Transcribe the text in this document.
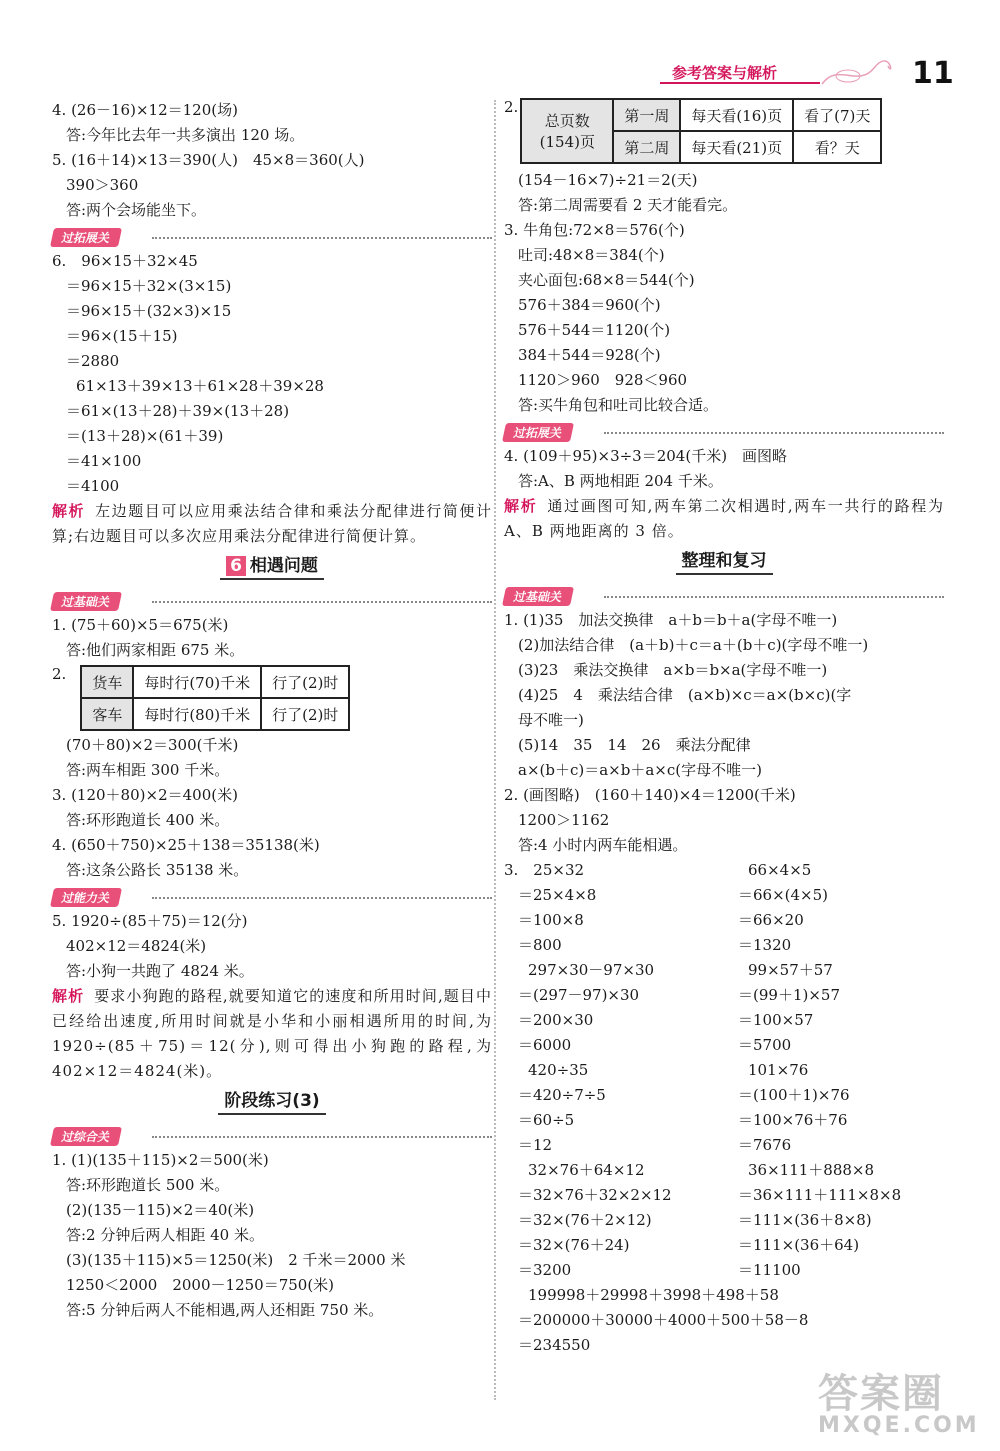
参考答案与解析	11
4. (26－16)×12＝120(场)
答:今年比去年一共多演出 120 场。
5. (16＋14)×13＝390(人)　45×8＝360(人)
390＞360
答:两个会场能坐下。
过拓展关
6.　96×15＋32×45
＝96×15＋32×(3×15)
＝96×15＋(32×3)×15
＝96×(15＋15)
＝2880
61×13＋39×13＋61×28＋39×28
＝61×(13＋28)＋39×(13＋28)
＝(13＋28)×(61＋39)
＝41×100
＝4100
解析 左边题目可以应用乘法结合律和乘法分配律进行简便计算;右边题目可以多次应用乘法分配律进行简便计算。
6 相遇问题
过基础关
1. (75＋60)×5＝675(米)
答:他们两家相距 675 米。
2. 货车	每时行(70)千米	行了(2)时
客车	每时行(80)千米	行了(2)时
(70＋80)×2＝300(千米)
答:两车相距 300 千米。
3. (120＋80)×2＝400(米)
答:环形跑道长 400 米。
4. (650＋750)×25＋138＝35138(米)
答:这条公路长 35138 米。
过能力关
5. 1920÷(85＋75)＝12(分)
402×12＝4824(米)
答:小狗一共跑了 4824 米。
解析 要求小狗跑的路程,就要知道它的速度和所用时间,题目中已经给出速度,所用时间就是小华和小丽相遇所用的时间,为 1920÷(85＋75)＝12(分),则可得出小狗跑的路程,为 402×12＝4824(米)。
阶段练习(3)
过综合关
1. (1)(135＋115)×2＝500(米)
答:环形跑道长 500 米。
(2)(135－115)×2＝40(米)
答:2 分钟后两人相距 40 米。
(3)(135＋115)×5＝1250(米)　2 千米＝2000 米
1250＜2000　2000－1250＝750(米)
答:5 分钟后两人不能相遇,两人还相距 750 米。
2.
总页数(154)页	第一周	每天看(16)页	看了(7)天
	第二周	每天看(21)页	看？天
(154－16×7)÷21＝2(天)
答:第二周需要看 2 天才能看完。
3. 牛角包:72×8＝576(个)
吐司:48×8＝384(个)
夹心面包:68×8＝544(个)
576＋384＝960(个)
576＋544＝1120(个)
384＋544＝928(个)
1120＞960　928＜960
答:买牛角包和吐司比较合适。
过拓展关
4. (109＋95)×3÷3＝204(千米)　画图略
答:A、B 两地相距 204 千米。
解析 通过画图可知,两车第二次相遇时,两车一共行的路程为 A、B 两地距离的 3 倍。
整理和复习
过基础关
1. (1)35　加法交换律　a＋b＝b＋a(字母不唯一)
(2)加法结合律　(a＋b)＋c＝a＋(b＋c)(字母不唯一)
(3)23　乘法交换律　a×b＝b×a(字母不唯一)
(4)25　4　乘法结合律　(a×b)×c＝a×(b×c)(字
母不唯一)
(5)14　35　14　26　乘法分配律
a×(b＋c)＝a×b＋a×c(字母不唯一)
2. (画图略)　(160＋140)×4＝1200(千米)
1200＞1162
答:4 小时内两车能相遇。
3.　25×32
＝25×4×8
＝100×8
＝800
297×30－97×30
＝(297－97)×30
＝200×30
＝6000
420÷35
＝420÷7÷5
＝60÷5
＝12
32×76＋64×12
＝32×76＋32×2×12
＝32×(76＋2×12)
＝32×(76＋24)
＝3200
66×4×5
＝66×(4×5)
＝66×20
＝1320
99×57＋57
＝(99＋1)×57
＝100×57
＝5700
101×76
＝(100＋1)×76
＝100×76＋76
＝7676
36×111＋888×8
＝36×111＋111×8×8
＝111×(36＋8×8)
＝111×(36＋64)
＝11100
199998＋29998＋3998＋498＋58
＝200000＋30000＋4000＋500＋58－8
＝234550
答案圈
MXQE.COM
